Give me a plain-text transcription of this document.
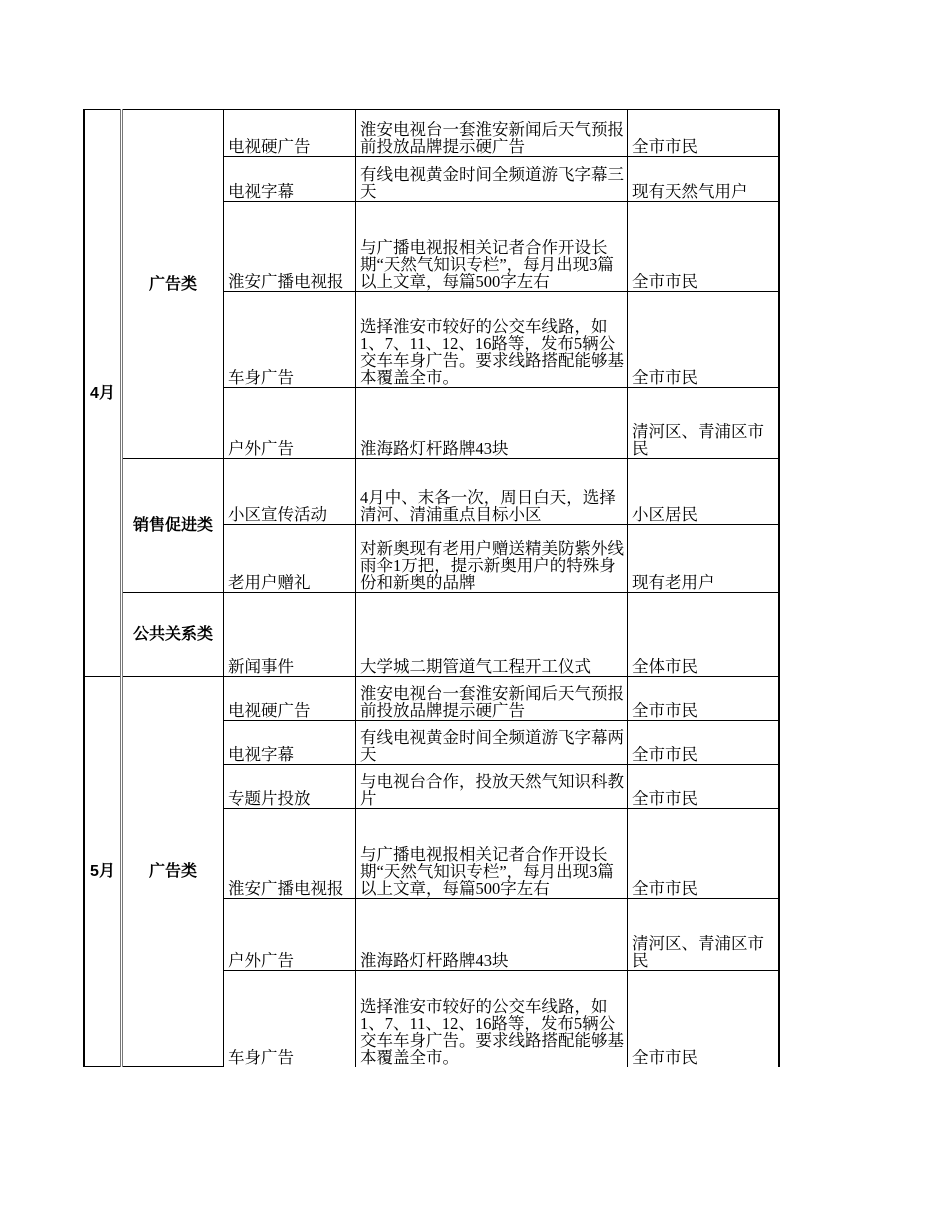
4月	广告类	电视硬广告	淮安电视台一套淮安新闻后天气预报前投放品牌提示硬广告	全市市民
		电视字幕	有线电视黄金时间全频道游飞字幕三天	现有天然气用户
		淮安广播电视报	与广播电视报相关记者合作开设长期“天然气知识专栏”，每月出现3篇以上文章，每篇500字左右	全市市民
		车身广告	选择淮安市较好的公交车线路，如1、7、11、12、16路等，发布5辆公交车车身广告。要求线路搭配能够基本覆盖全市。	全市市民
		户外广告	淮海路灯杆路牌43块	清河区、青浦区市民
	销售促进类	小区宣传活动	4月中、末各一次，周日白天，选择清河、清浦重点目标小区	小区居民
		老用户赠礼	对新奥现有老用户赠送精美防紫外线雨伞1万把，提示新奥用户的特殊身份和新奥的品牌	现有老用户
	公共关系类	新闻事件	大学城二期管道气工程开工仪式	全体市民
5月	广告类	电视硬广告	淮安电视台一套淮安新闻后天气预报前投放品牌提示硬广告	全市市民
		电视字幕	有线电视黄金时间全频道游飞字幕两天	全市市民
		专题片投放	与电视台合作，投放天然气知识科教片	全市市民
		淮安广播电视报	与广播电视报相关记者合作开设长期“天然气知识专栏”，每月出现3篇以上文章，每篇500字左右	全市市民
		户外广告	淮海路灯杆路牌43块	清河区、青浦区市民
		车身广告	选择淮安市较好的公交车线路，如1、7、11、12、16路等，发布5辆公交车车身广告。要求线路搭配能够基本覆盖全市。	全市市民
